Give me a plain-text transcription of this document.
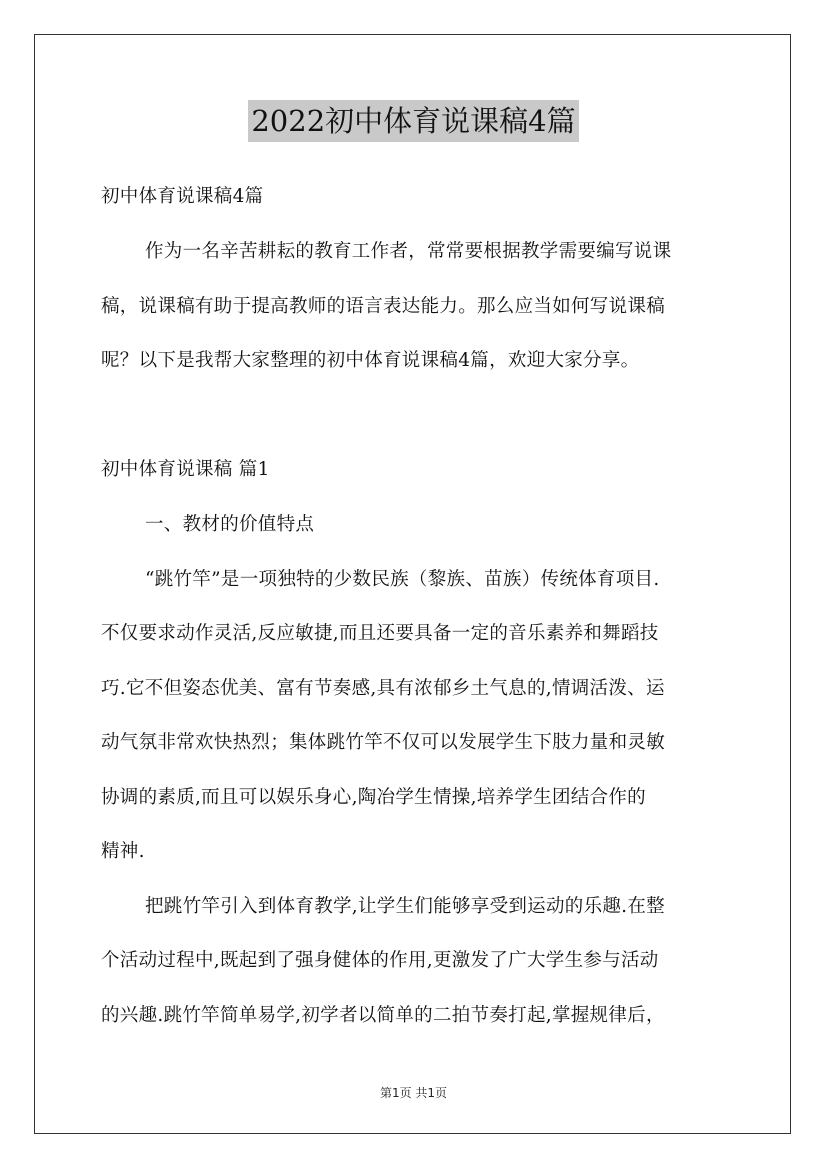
2022初中体育说课稿4篇
初中体育说课稿4篇
作为一名辛苦耕耘的教育工作者，常常要根据教学需要编写说课
稿，说课稿有助于提高教师的语言表达能力。那么应当如何写说课稿
呢？以下是我帮大家整理的初中体育说课稿4篇，欢迎大家分享。
初中体育说课稿 篇1
一、教材的价值特点
“跳竹竿”是一项独特的少数民族（黎族、苗族）传统体育项目.
不仅要求动作灵活,反应敏捷,而且还要具备一定的音乐素养和舞蹈技
巧.它不但姿态优美、富有节奏感,具有浓郁乡土气息的,情调活泼、运
动气氛非常欢快热烈；集体跳竹竿不仅可以发展学生下肢力量和灵敏
协调的素质,而且可以娱乐身心,陶冶学生情操,培养学生团结合作的
精神.
把跳竹竿引入到体育教学,让学生们能够享受到运动的乐趣.在整
个活动过程中,既起到了强身健体的作用,更激发了广大学生参与活动
的兴趣.跳竹竿简单易学,初学者以简单的二拍节奏打起,掌握规律后，
第1页 共1页
